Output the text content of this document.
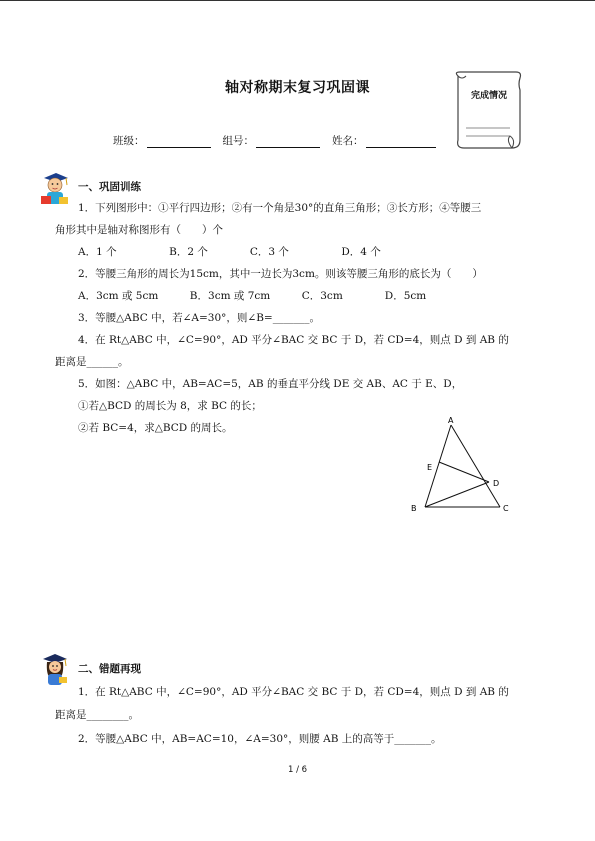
轴对称期末复习巩固课	完成情况
班级：	组号：	姓名：
一、巩固训练
1．下列图形中：①平行四边形；②有一个角是30°的直角三角形；③长方形；④等腰三
角形其中是轴对称图形有（　　）个
A．1 个　　　　　B．2 个　　　　C．3 个　　　　　D．4 个
2．等腰三角形的周长为15cm，其中一边长为3cm。则该等腰三角形的底长为（　　）
A．3cm 或 5cm　　　B．3cm 或 7cm　　　C．3cm　　　　D．5cm
3．等腰△ABC 中，若∠A=30°，则∠B=_______。
4．在 Rt△ABC 中，∠C=90°，AD 平分∠BAC 交 BC 于 D，若 CD=4，则点 D 到 AB 的
距离是______。
5．如图：△ABC 中，AB=AC=5，AB 的垂直平分线 DE 交 AB、AC 于 E、D，
①若△BCD 的周长为 8，求 BC 的长；
②若 BC=4，求△BCD 的周长。
A
E
D
B	C
二、错题再现
1．在 Rt△ABC 中，∠C=90°，AD 平分∠BAC 交 BC 于 D，若 CD=4，则点 D 到 AB 的
距离是________。
2．等腰△ABC 中，AB=AC=10，∠A=30°，则腰 AB 上的高等于_______。
1 / 6
